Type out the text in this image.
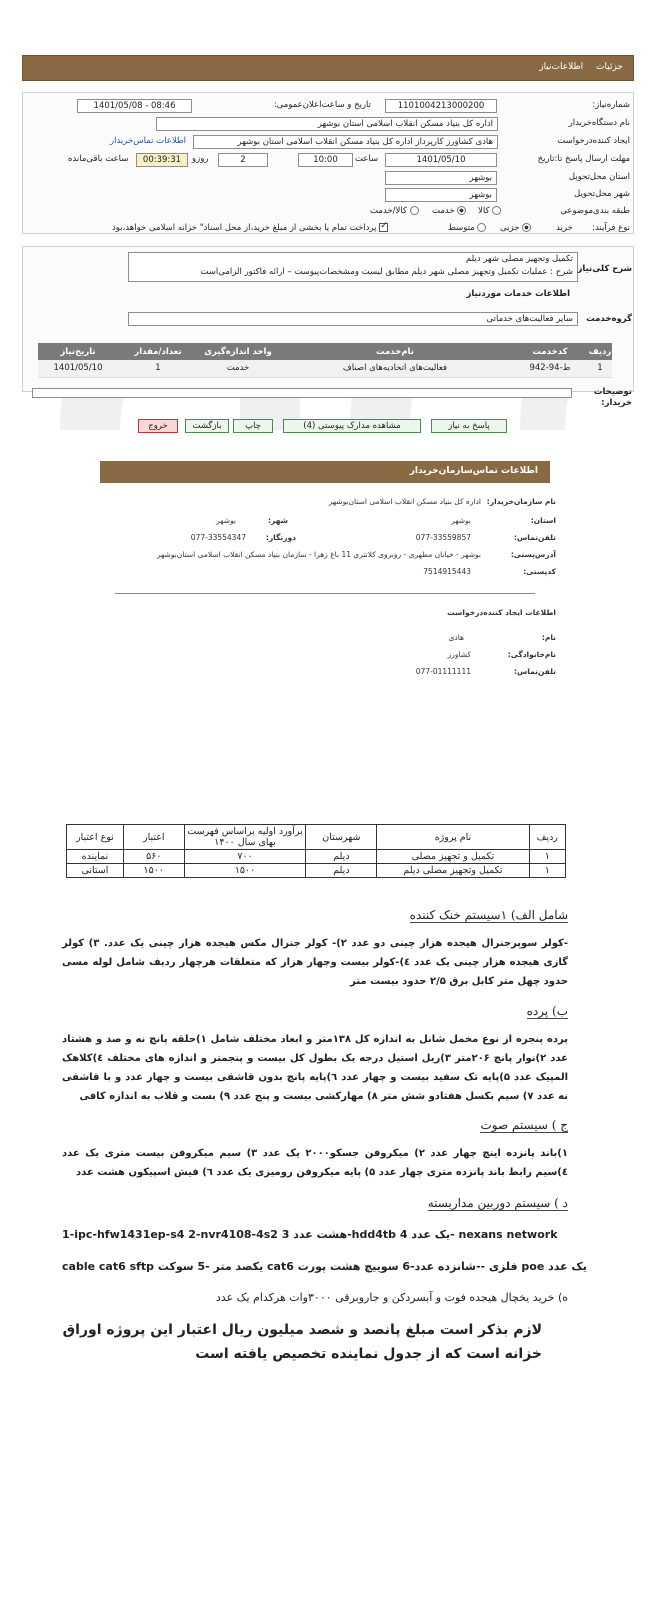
جزئیات اطلاعات‌نیاز
شماره‌نیاز:
1101004213000200
تاریخ و ساعت‌اعلان‌عمومی:
1401/05/08 - 08:46
نام دستگاه‌خریدار
اداره کل بنیاد مسکن انقلاب اسلامی استان بوشهر
ایجاد کننده‌درخواست
هادی کشاورز کارپرداز اداره کل بنیاد مسکن انقلاب اسلامی استان بوشهر
اطلاعات تماس‌خریدار
مهلت ارسال پاسخ تا:تاریخ
1401/05/10
ساعت
10:00
2
روزو
00:39:31
ساعت باقی‌مانده
استان محل‌تحویل
بوشهر
شهر محل‌تحویل
بوشهر
طبقه بندی‌موضوعی
کالا
خدمت
کالا/خدمت
نوع فرآیند:
خرید
جزیی
متوسط
✓ پرداخت تمام یا بخشی از مبلغ خرید،از محل اسناد" خزانه اسلامی خواهد،بود
شرح کلی‌نیاز
تکمیل وتجهیز مصلی شهر دیلم
شرح : عملیات تکمیل وتجهیز مصلی شهر دیلم مطابق لیست ومشخصات‌پیوست – ارائه فاکتور الزامی‌است
اطلاعات خدمات موردنیاز
گروه‌خدمت
سایر فعالیت‌های خدماتی
ردیف	کدخدمت	نام‌خدمت	واحد اندازه‌گیری	تعداد/مقدار	تاریخ‌نیاز
1	ط-94-942	فعالیت‌های اتحادیه‌های اصناف	خدمت	1	1401/05/10
توضیحات خریدار:
پاسخ به نیاز
مشاهده مدارک پیوستی (4)
چاپ
بازگشت
خروج
اطلاعات تماس‌سازمان‌خریدار
نام سازمان‌خریدار:
اداره کل بنیاد مسکن انقلاب اسلامی استان‌بوشهر
استان:
بوشهر
شهر:
بوشهر
تلفن‌تماس:
077-33559857
دورنگار:
077-33554347
آدرس‌پستی:
بوشهر - خیابان مطهری - روبروی کلانتری 11 باغ زهرا - سازمان بنیاد مسکن انقلاب اسلامی استان‌بوشهر
کدپستی:
7514915443
اطلاعات ایجاد کننده‌درخواست
نام:
هادی
نام‌خانوادگی:
کشاورز
تلفن‌تماس:
077-01111111
ردیف	نام پروژه	شهرستان	برآورد اولیه براساس فهرست بهای سال ۱۴۰۰	اعتبار	نوع اعتبار
۱	تکمیل و تجهیز مصلی	دیلم	۷۰۰	۵۶۰	نماینده
۱	تکمیل وتجهیز مصلی دیلم	دیلم	۱۵۰۰	۱۵۰۰	استانی
شامل الف) ۱سیستم خنک کننده
-کولر سوپرجنرال هیجده هزار چینی دو عدد ۲)- کولر جنرال مکس هیجده هزار چینی یک عدد. ۳) کولر گازی هیجده هزار چینی یک عدد ٤)-کولر بیست وچهار هزار که متعلقات هرچهار ردیف شامل لوله مسی حدود چهل متر کابل برق ۲/۵ حدود بیست متر
ب) پرده
پرده پنجره از نوع مخمل شانل به اندازه کل ۱۳۸متر و ابعاد مختلف شامل ۱)حلقه پانچ نه و صد و هشتاد عدد ۲)نوار پانچ ۲۰۶متر ۳)ریل استیل درجه یک بطول کل بیست و پنجمتر و اندازه های مختلف ٤)کلاهک المپیک عدد ۵)پایه تک سفید بیست و چهار عدد ٦)پایه پانچ بدون قاشقی بیست و چهار عدد و با قاشقی نه عدد ۷) سیم بکسل هفتادو شش متر ۸) مهارکشی بیست و پنج عدد ۹) بست و قلاب به اندازه کافی
ج ) سیستم صوت
۱)باند پانزده اینچ چهار عدد ۲) میکروفن جسکو۲۰۰۰ یک عدد ۳) سیم میکروفن بیست متری یک عدد ٤)سیم رابط باند پانزده متری چهار عدد ۵) پایه میکروفن رومیزی یک عدد ٦) فیش اسپیکون هشت عدد
د ) سیستم دوربین مداربسته
1-ipc-hfw1431ep-s4 2-nvr4108-4s2 هشت عدد 3-hdd4tb یک عدد 4- nexans network
cable cat6 sftp یکصد متر -5 سوکت cat6 فلزی --شانزده عدد-6 سوییچ هشت پورت poe یک عدد
ه) خرید یخچال هیجده فوت و آبسردکن و جاروبرقی ۳۰۰۰وات هرکدام یک عدد
لازم بذکر است مبلغ پانصد و شصد میلیون ریال اعتبار این پروژه اوراق خزانه است که از جدول نماینده تخصیص یافته است
